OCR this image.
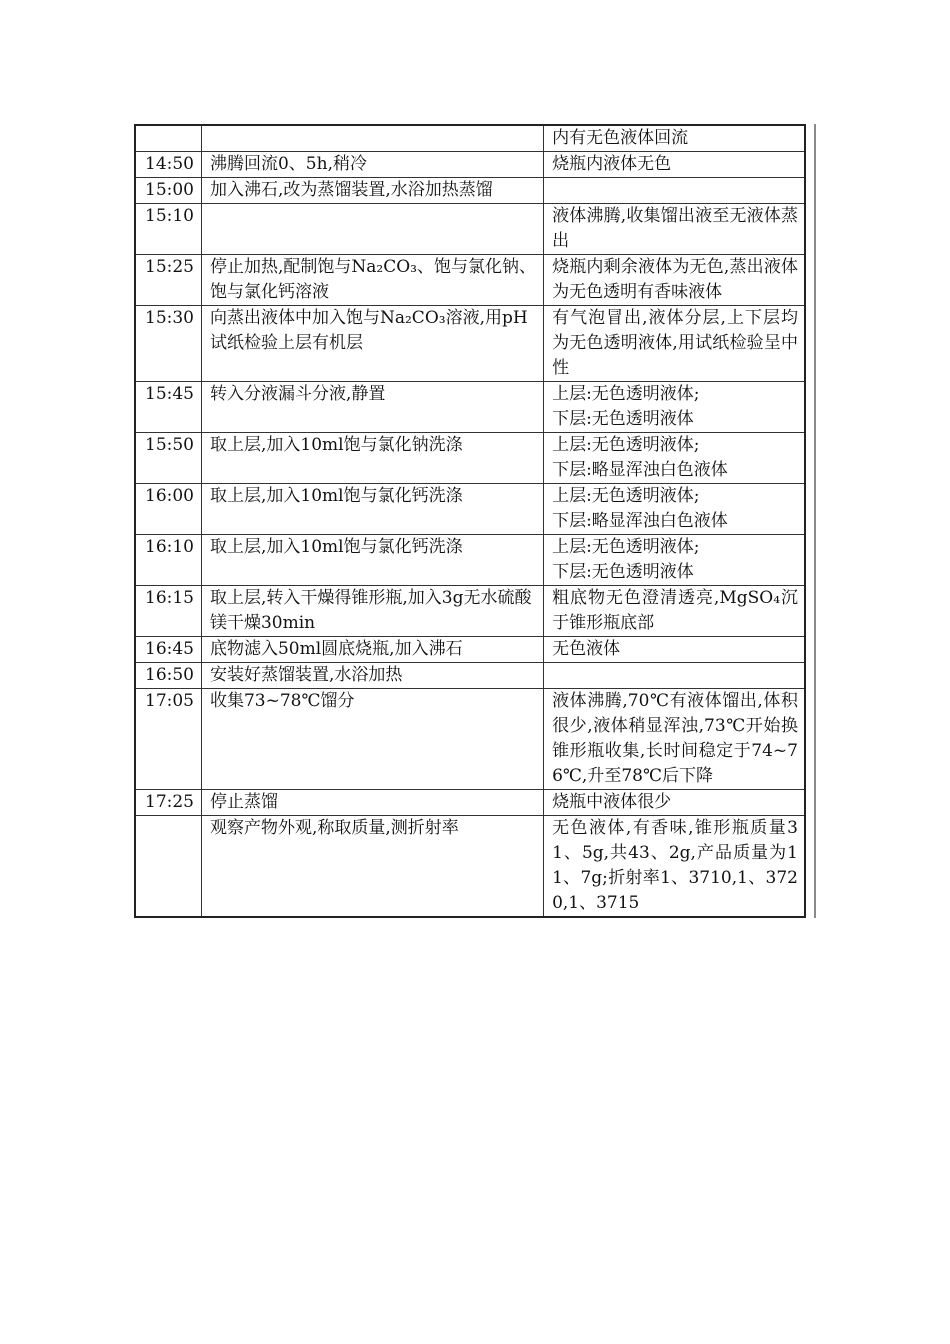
		内有无色液体回流
14:50	沸腾回流0、5h,稍冷	烧瓶内液体无色
15:00	加入沸石,改为蒸馏装置,水浴加热蒸馏	
15:10		液体沸腾,收集馏出液至无液体蒸出
15:25	停止加热,配制饱与Na₂CO₃、饱与氯化钠、饱与氯化钙溶液	烧瓶内剩余液体为无色,蒸出液体为无色透明有香味液体
15:30	向蒸出液体中加入饱与Na₂CO₃溶液,用pH试纸检验上层有机层	有气泡冒出,液体分层,上下层均为无色透明液体,用试纸检验呈中性
15:45	转入分液漏斗分液,静置	上层:无色透明液体;
下层:无色透明液体
15:50	取上层,加入10ml饱与氯化钠洗涤	上层:无色透明液体;
下层:略显浑浊白色液体
16:00	取上层,加入10ml饱与氯化钙洗涤	上层:无色透明液体;
下层:略显浑浊白色液体
16:10	取上层,加入10ml饱与氯化钙洗涤	上层:无色透明液体;
下层:无色透明液体
16:15	取上层,转入干燥得锥形瓶,加入3g无水硫酸镁干燥30min	粗底物无色澄清透亮,MgSO₄沉于锥形瓶底部
16:45	底物滤入50ml圆底烧瓶,加入沸石	无色液体
16:50	安装好蒸馏装置,水浴加热	
17:05	收集73~78℃馏分	液体沸腾,70℃有液体馏出,体积很少,液体稍显浑浊,73℃开始换锥形瓶收集,长时间稳定于74~76℃,升至78℃后下降
17:25	停止蒸馏	烧瓶中液体很少
	观察产物外观,称取质量,测折射率	无色液体,有香味,锥形瓶质量31、5g,共43、2g,产品质量为11、7g;折射率1、3710,1、3720,1、3715
